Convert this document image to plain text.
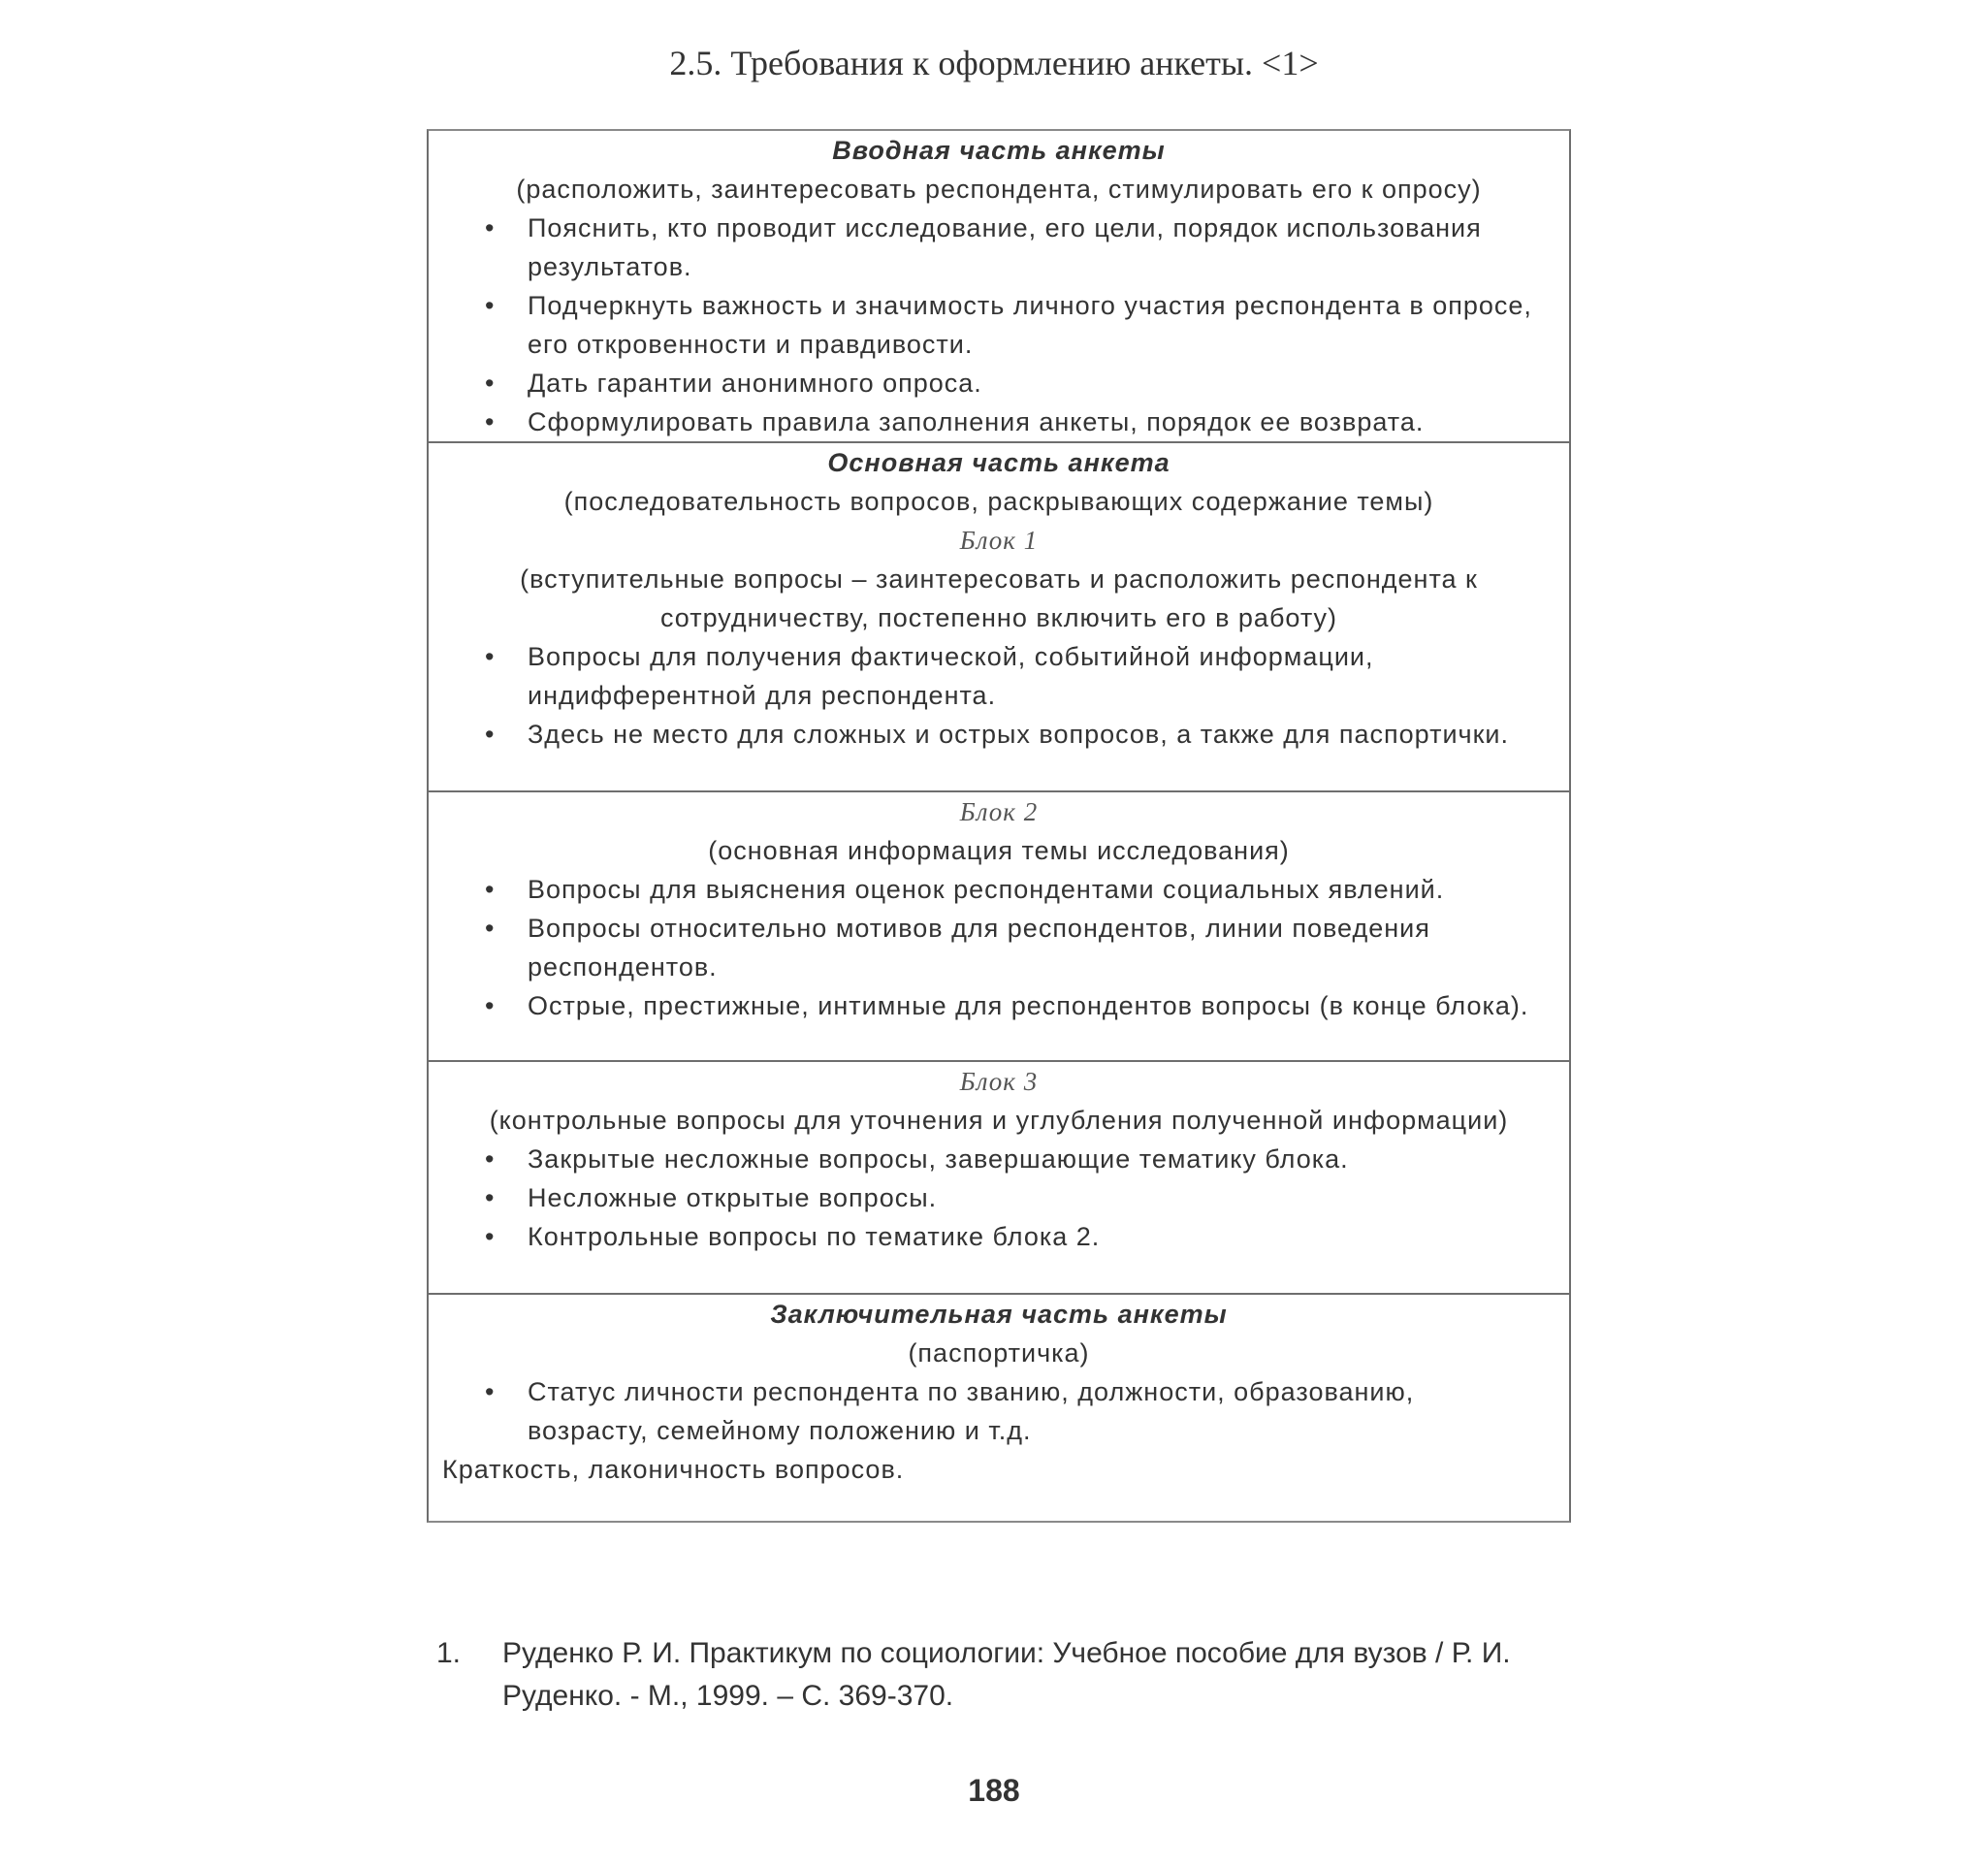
2.5. Требования к оформлению анкеты. <1>
Вводная часть анкеты
(расположить, заинтересовать респондента, стимулировать его к опросу)
•	Пояснить, кто проводит исследование, его цели, порядок использования результатов.
•	Подчеркнуть важность и значимость личного участия респондента в опросе, его откровенности и правдивости.
•	Дать гарантии анонимного опроса.
•	Сформулировать правила заполнения анкеты, порядок ее возврата.
Основная часть анкета
(последовательность вопросов, раскрывающих содержание темы)
Блок 1
(вступительные вопросы – заинтересовать и расположить респондента к сотрудничеству, постепенно включить его в работу)
•	Вопросы для получения фактической, событийной информации, индифферентной для респондента.
•	Здесь не место для сложных и острых вопросов, а также для паспортички.
Блок 2
(основная информация темы исследования)
•	Вопросы для выяснения оценок респондентами социальных явлений.
•	Вопросы относительно мотивов для респондентов, линии поведения респондентов.
•	Острые, престижные, интимные для респондентов вопросы (в конце блока).
Блок 3
(контрольные вопросы для уточнения и углубления полученной информации)
•	Закрытые несложные вопросы, завершающие тематику блока.
•	Несложные открытые вопросы.
•	Контрольные вопросы по тематике блока 2.
Заключительная часть анкеты
(паспортичка)
•	Статус личности респондента по званию, должности, образованию, возрасту, семейному положению и т.д.
Краткость, лаконичность вопросов.
1. Руденко Р. И. Практикум по социологии: Учебное пособие для вузов / Р. И. Руденко. - М., 1999. – С. 369-370.
188
